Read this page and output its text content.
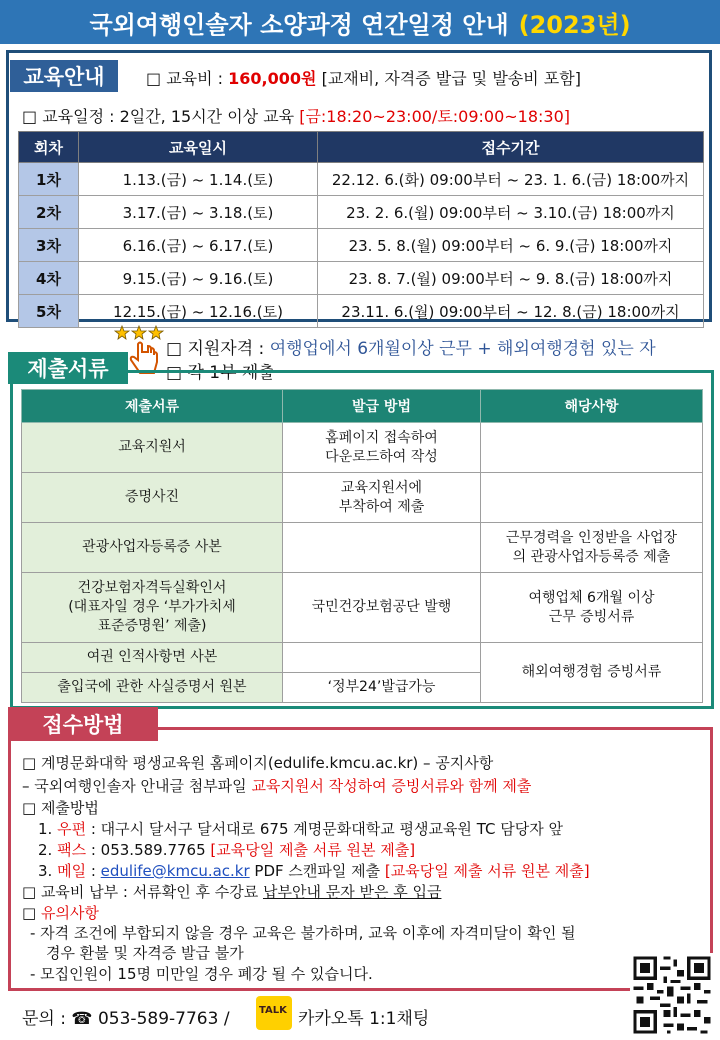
국외여행인솔자 소양과정 연간일정 안내 (2023년)
교육안내	□ 교육비 : 160,000원 [교재비, 자격증 발급 및 발송비 포함]
□ 교육일정 : 2일간, 15시간 이상 교육 [금:18:20~23:00/토:09:00~18:30]
회차	교육일시	접수기간
1차	1.13.(금) ~ 1.14.(토)	22.12. 6.(화) 09:00부터 ~ 23. 1. 6.(금) 18:00까지
2차	3.17.(금) ~ 3.18.(토)	23. 2. 6.(월) 09:00부터 ~ 3.10.(금) 18:00까지
3차	6.16.(금) ~ 6.17.(토)	23. 5. 8.(월) 09:00부터 ~ 6. 9.(금) 18:00까지
4차	9.15.(금) ~ 9.16.(토)	23. 8. 7.(월) 09:00부터 ~ 9. 8.(금) 18:00까지
5차	12.15.(금) ~ 12.16.(토)	23.11. 6.(월) 09:00부터 ~ 12. 8.(금) 18:00까지
□ 지원자격 : 여행업에서 6개월이상 근무 + 해외여행경험 있는 자
□ 각 1부 제출
제출서류
제출서류	발급 방법	해당사항
교육지원서	홈페이지 접속하여
다운로드하여 작성	
증명사진	교육지원서에
부착하여 제출	
관광사업자등록증 사본		근무경력을 인정받을 사업장
의 관광사업자등록증 제출
건강보험자격득실확인서
(대표자일 경우 ‘부가가치세
표준증명원’ 제출)	국민건강보험공단 발행	여행업체 6개월 이상
근무 증빙서류
여권 인적사항면 사본		해외여행경험 증빙서류
출입국에 관한 사실증명서 원본	‘정부24’발급가능	
접수방법
□ 계명문화대학 평생교육원 홈페이지(edulife.kmcu.ac.kr) – 공지사항
– 국외여행인솔자 안내글 첨부파일 교육지원서 작성하여 증빙서류와 함께 제출
□ 제출방법
1. 우편 : 대구시 달서구 달서대로 675 계명문화대학교 평생교육원 TC 담당자 앞
2. 팩스 : 053.589.7765 [교육당일 제출 서류 원본 제출]
3. 메일 : edulife@kmcu.ac.kr PDF 스캔파일 제출 [교육당일 제출 서류 원본 제출]
□ 교육비 납부 : 서류확인 후 수강료 납부안내 문자 받은 후 입금
□ 유의사항
- 자격 조건에 부합되지 않을 경우 교육은 불가하며, 교육 이후에 자격미달이 확인 될
경우 환불 및 자격증 발급 불가
- 모집인원이 15명 미만일 경우 폐강 될 수 있습니다.
문의 : ☎ 053-589-7763 /	TALK 카카오톡 1:1채팅
